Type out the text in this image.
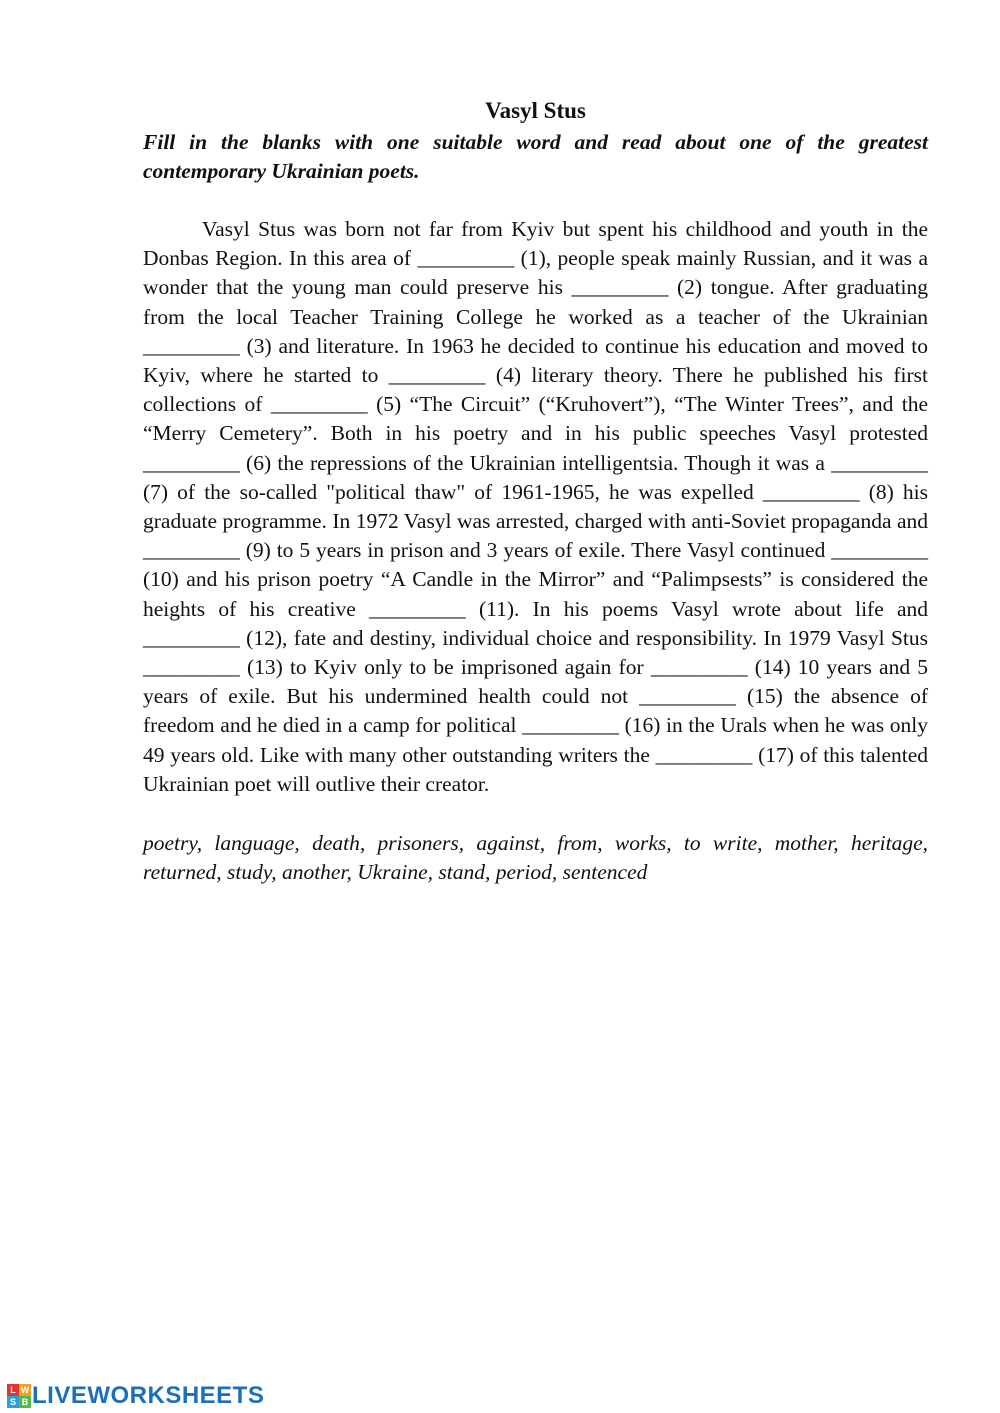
Vasyl Stus

Fill in the blanks with one suitable word and read about one of the greatest contemporary Ukrainian poets.

Vasyl Stus was born not far from Kyiv but spent his childhood and youth in the Donbas Region. In this area of _________ (1), people speak mainly Russian, and it was a wonder that the young man could preserve his _________ (2) tongue. After graduating from the local Teacher Training College he worked as a teacher of the Ukrainian _________ (3) and literature. In 1963 he decided to continue his education and moved to Kyiv, where he started to _________ (4) literary theory. There he published his first collections of _________ (5) “The Circuit” (“Kruhovert”), “The Winter Trees”, and the “Merry Cemetery”. Both in his poetry and in his public speeches Vasyl protested _________ (6) the repressions of the Ukrainian intelligentsia. Though it was a _________ (7) of the so-called "political thaw" of 1961-1965, he was expelled _________ (8) his graduate programme. In 1972 Vasyl was arrested, charged with anti-Soviet propaganda and _________ (9) to 5 years in prison and 3 years of exile. There Vasyl continued _________ (10) and his prison poetry “A Candle in the Mirror” and “Palimpsests” is considered the heights of his creative _________ (11). In his poems Vasyl wrote about life and _________ (12), fate and destiny, individual choice and responsibility. In 1979 Vasyl Stus _________ (13) to Kyiv only to be imprisoned again for _________ (14) 10 years and 5 years of exile. But his undermined health could not _________ (15) the absence of freedom and he died in a camp for political _________ (16) in the Urals when he was only 49 years old. Like with many other outstanding writers the _________ (17) of this talented Ukrainian poet will outlive their creator.
poetry, language, death, prisoners, against, from, works, to write, mother, heritage, returned, study, another, Ukraine, stand, period, sentenced
L W
S B LIVEWORKSHEETS
